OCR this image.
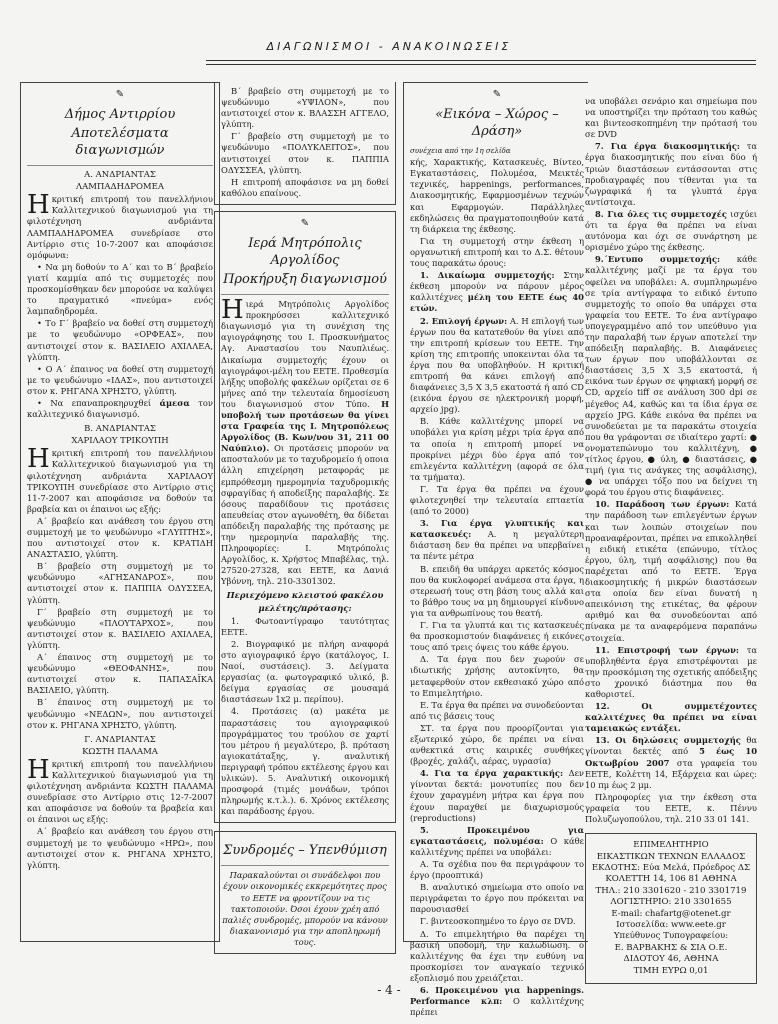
ΔΙΑΓΩΝΙΣΜΟΙ - ΑΝΑΚΟΙΝΩΣΕΙΣ
✎
Δήμος Αντιρρίου
Αποτελέσματα διαγωνισμών
Α. ΑΝΔΡΙΑΝΤΑΣ
ΛΑΜΠΑΔΗΔΡΟΜΕΑ

Ηκριτική επιτροπή του πανελλήνιου Καλλιτεχνικού διαγωνισμού για τη φιλοτέχνηση ανδριάντα ΛΑΜΠΑΔΗΔΡΟΜΕΑ συνεδρίασε στο Αντίρριο στις 10-7-2007 και αποφάσισε ομόφωνα:

• Να μη δοθούν το Α΄ και το Β΄ βραβείο γιατί καμμία από τις συμμετοχές που προσκομίσθηκαν δεν μπορούσε να καλύψει το πραγματικό «πνεύμα» ενός λαμπαδηδρομέα.

• Το Γ΄ βραβείο να δοθεί στη συμμετοχή με το ψευδώνυμο «ΟΡΦΕΑΣ», που αντιστοιχεί στον κ. ΒΑΣΙΛΕΙΟ ΑΧΙΛΛΕΑ, γλύπτη.

• Ο Α΄ έπαινος να δοθεί στη συμμετοχή με το ψευδώνυμο «ΙΔΑΣ», που αντιστοιχεί στον κ. ΡΗΓΑΝΑ ΧΡΗΣΤΟ, γλύπτη.

• Να επαναπροκηρυχθεί άμεσα τον καλλιτεχνικό διαγωνισμό.

Β. ΑΝΔΡΙΑΝΤΑΣ
ΧΑΡΙΛΑΟΥ ΤΡΙΚΟΥΠΗ

Ηκριτική επιτροπή του πανελλήνιου Καλλιτεχνικού διαγωνισμού για τη φιλοτέχνηση ανδριάντα ΧΑΡΙΛΑΟΥ ΤΡΙΚΟΥΠΗ συνεδρίασε στο Αντίρριο στις 11-7-2007 και αποφάσισε να δοθούν τα βραβεία και οι έπαινοι ως εξής:

Α΄ βραβείο και ανάθεση του έργου στη συμμετοχή με το ψευδώνυμο «ΓΛΥΠΤΗΣ», που αντιστοιχεί στον κ. ΚΡΑΤΙΔΗ ΑΝΑΣΤΑΣΙΟ, γλύπτη.

Β΄ βραβείο στη συμμετοχή με το ψευδώνυμο «ΑΓΗΣΑΝΔΡΟΣ», που αντιστοιχεί στον κ. ΠΑΠΠΙΑ ΟΔΥΣΣΕΑ, γλύπτη.

Γ΄ βραβείο στη συμμετοχή με το ψευδώνυμο «ΠΛΟΥΤΑΡΧΟΣ», που αντιστοιχεί στον κ. ΒΑΣΙΛΕΙΟ ΑΧΙΛΛΕΑ, γλύπτη.

Α΄ έπαινος στη συμμετοχή με το ψευδώνυμο «ΘΕΟΦΑΝΗΣ», που αντιστοιχεί στον κ. ΠΑΠΑΣΑΪΚΑ ΒΑΣΙΛΕΙΟ, γλύπτη.

Β΄ έπαινος στη συμμετοχή με το ψευδώνυμο «ΝΕΔΩΝ», που αντιστοιχεί στον κ. ΡΗΓΑΝΑ ΧΡΗΣΤΟ, γλύπτη.

Γ. ΑΝΔΡΙΑΝΤΑΣ
ΚΩΣΤΗ ΠΑΛΑΜΑ

Ηκριτική επιτροπή του πανελλήνιου Καλλιτεχνικού διαγωνισμού για τη φιλοτέχνηση ανδριάντα ΚΩΣΤΗ ΠΑΛΑΜΑ συνεδρίασε στο Αντίρριο στις 12-7-2007 και αποφάσισε να δοθούν τα βραβεία και οι έπαινοι ως εξής:

Α΄ βραβείο και ανάθεση του έργου στη συμμετοχή με το ψευδώνυμο «ΗΡΩ», που αντιστοιχεί στον κ. ΡΗΓΑΝΑ ΧΡΗΣΤΟ, γλύπτη.

Β΄ βραβείο στη συμμετοχή με το ψευδώνυμο «ΥΨΙΛΟΝ», που αντιστοιχεί στον κ. ΒΛΑΣΣΗ ΑΓΓΕΛΟ, γλύπτη.

Γ΄ βραβείο στη συμμετοχή με το ψευδώνυμο «ΠΟΛΥΚΛΕΙΤΟΣ», που αντιστοιχεί στον κ. ΠΑΠΠΙΑ ΟΔΥΣΣΕΑ, γλύπτη.

Η επιτροπή αποφάσισε να μη δοθεί καθόλου επαίνους.

✎
Ιερά Μητρόπολις Αργολίδος
Προκήρυξη διαγωνισμού

Ηιερά Μητρόπολις Αργολίδος προκηρύσσει καλλιτεχνικό διαγωνισμό για τη συνέχιση της αγιογράφησης του Ι. Προσκυνήματος Αγ. Αναστασίου του Ναυπλιέως. Δικαίωμα συμμετοχής έχουν οι αγιογράφοι-μέλη του ΕΕΤΕ. Προθεσμία λήξης υποβολής φακέλων ορίζεται σε 6 μήνες από την τελευταία δημοσίευση του διαγωνισμού στον Τύπο. Η υποβολή των προτάσεων θα γίνει στα Γραφεία της Ι. Μητροπόλεως Αργολίδος (Β. Κων/νου 31, 211 00 Ναύπλιο). Οι προτάσεις μπορούν να αποσταλούν με το ταχυδρομείο ή οποια άλλη επιχείρηση μεταφοράς με εμπρόθεσμη ημερομηνία ταχυδρομικής σφραγίδας ή αποδείξης παραλαβής. Σε όσους παραδίδουν τις προτάσεις απευθείας στον αγωνοθέτη, θα δίδεται απόδειξη παραλαβής της πρότασης με την ημερομηνία παραλαβής της. Πληροφορίες: Ι. Μητρόπολις Αργολίδος, κ. Χρήστος Μπαβέλας, τηλ. 27520-27328, και ΕΕΤΕ, κα Δανιά Υβόννη, τηλ. 210-3301302.

Περιεχόμενο κλειστού φακέλου
μελέτης/πρότασης:

1. Φωτοαντίγραφο ταυτότητας ΕΕΤΕ.

2. Βιογραφικό με πλήρη αναφορά στο αγιογραφικό έργο (κατάλογος, Ι. Ναοί, συστάσεις). 3. Δείγματα εργασίας (α. φωτογραφικό υλικό, β. δείγμα εργασίας σε μουσαμά διαστάσεων 1x2 μ. περίπου).

4. Προτάσεις (α) μακέτα με παραστάσεις του αγιογραφικού προγράμματος του τρούλου σε χαρτί του μέτρου ή μεγαλύτερο, β. πρόταση αγιοκατάταξης, γ. αναλυτική περιγραφή τρόπου εκτέλεσης έργου και υλικών). 5. Αναλυτική οικονομική προσφορά (τιμές μονάδων, τρόποι πληρωμής κ.τ.λ.). 6. Χρόνος εκτέλεσης και παράδοσης έργου.

Συνδρομές – Υπενθύμιση

Παρακαλούνται οι συνάδελφοι που έχουν οικονομικές εκκρεμότητες προς το ΕΕΤΕ να φροντίζουν να τις τακτοποιούν. Όσοι έχουν χρέη από παλιές συνδρομές, μπορούν να κάνουν διακανονισμό για την αποπληρωμή τους.

✎
«Εικόνα – Χώρος – Δράση»
συνέχεια από την 1η σελίδα

κής, Χαρακτικής, Κατασκευές, Βίντεο, Εγκαταστάσεις, Πολυμέσα, Μεικτές τεχνικές, happenings, performances, Διακοσμητικής, Εφαρμοσμένων τεχνών και Εφαρμογών. Παράλληλες εκδηλώσεις θα πραγματοποιηθούν κατά τη διάρκεια της έκθεσης.

Για τη συμμετοχή στην έκθεση η οργανωτική επιτροπή και το Δ.Σ. θέτουν τους παρακάτω όρους:

1. Δικαίωμα συμμετοχής: Στην έκθεση μπορούν να πάρουν μέρος καλλιτέχνες μέλη του ΕΕΤΕ έως 40 ετών.

2. Επιλογή έργων: Α. Η επιλογή των έργων που θα κατατεθούν θα γίνει από την επιτροπή κρίσεων του ΕΕΤΕ. Την κρίση της επιτροπής υποκεινται όλα τα έργα που θα υποβληθούν. Η κριτική επιτροπή θα κάνει επιλογή από διαφάνειες 3,5 Χ 3,5 εκατοστά ή από CD (εικόνα έργου σε ηλεκτρονική μορφή, αρχείο jpg).

Β. Κάθε καλλιτέχνης μπορεί να υποβάλει για κρίση μέχρι τρία έργα από τα οποία η επιτροπή μπορεί να προκρίνει μέχρι δύο έργα από τον επιλεγέντα καλλιτέχνη (αφορά σε όλα τα τμήματα).

Γ. Τα έργα θα πρέπει να έχουν φιλοτεχνηθεί την τελευταία επταετία (από το 2000)

3. Για έργα γλυπτικής και κατασκευές: Α. η μεγαλύτερη διάσταση δεν θα πρέπει να υπερβαίνει τα πέντε μέτρα

Β. επειδή θα υπάρχει αρκετός κόσμος που θα κυκλοφορεί ανάμεσα στα έργα, η στερεωσή τους στη βάση τους αλλά και το βάθρο τους να μη δημιουργεί κίνδυνο για τα ανθρωπίνους του θεατή.

Γ. Για τα γλυπτά και τις κατασκευές θα προσκομιστούν διαφάνειες ή εικόνες τους από τρεις όψεις του κάθε έργου.

Δ. Τα έργα που δεν χωρούν σε ιδιωτικής χρήσης αυτοκίνητο, θα μεταφερθούν στον εκθεσιακό χώρο από το Επιμελητήριο.

Ε. Τα έργα θα πρέπει να συνοδεύονται από τις βάσεις τους

ΣΤ. τα έργα που προορίζονται για εξωτερικό χώρο, δε πρέπει να είναι ανθεκτικά στις καιρικές συνθήκες (βροχές, χαλάζι, αέρας, υγρασία)

4. Για τα έργα χαρακτικής: Δεν γίνονται δεκτά: μονοτυπίες που δεν έχουν χαραγμένη μήτρα και έργα που έχουν παραχθεί με διαχωρισμούς (reproductions)

5. Προκειμένου για εγκαταστάσεις, πολυμέσα: Ο κάθε καλλιτέχνης πρέπει να υποβάλει:

Α. Τα σχέδια που θα περιγράφουν το έργο (προοπτικά)

Β. αναλυτικό σημείωμα στο οποίο να περιγράφεται το έργο που πρόκειται να παρουσιασθεί

Γ. βιντεοσκοπημένο το έργο σε DVD.

Δ. Το επιμελητήριο θα παρέχει τη βασική υποδομή, την καλωδίωση. ο καλλιτέχνης θα έχει την ευθύνη να προσκομίσει τον αναγκαίο τεχνικό εξοπλισμό που χρειάζεται.

6. Προκειμένου για happenings. Performance κλπ: Ο καλλιτέχνης πρέπει

να υποβάλει σενάριο και σημείωμα που να υποστηρίζει την πρόταση του καθώς και βιντεοσκοπημένη την πρότασή του σε DVD

7. Για έργα διακοσμητικής: τα έργα διακοσμητικής που είναι δύο ή τριών διαστάσεων εντάσσονται στις προδιαγραφές που τίθενται για τα ζωγραφικά ή τα γλυπτά έργα αντίστοιχα.

8. Για όλες τις συμμετοχές ισχύει ότι τα έργα θα πρέπει να είναι αυτόνομα και όχι σε συνάρτηση με ορισμένο χώρο της έκθεσης.

9.΄Εντυπο συμμετοχής: κάθε καλλιτέχνης μαζί με τα έργα του οφείλει να υποβάλει: Α. συμπληρωμένο σε τρία αντίγραφα το ειδικό έντυπο συμμετοχής το οποίο θα υπάρχει στα γραφεία του ΕΕΤΕ. Το ένα αντίγραφο υπογεγραμμένο από τον υπεύθυνο για την παραλαβή των έργων αποτελεί την απόδειξη παραλαβής. Β. Διαφάνειες των έργων που υποβάλλονται σε διαστάσεις 3,5 Χ 3,5 εκατοστά, ή εικόνα των έργων σε ψηφιακή μορφή σε CD, αρχείο tiff σε ανάλυση 300 dpi σε μέγεθος Α4, καθώς και τα ίδια έργα σε αρχείο JPG. Κάθε εικόνα θα πρέπει να συνοδεύεται με τα παρακάτω στοιχεία που θα γράφονται σε ιδιαίτερο χαρτί: ● ονοματεπώνυμο του καλλιτέχνη, ● τίτλος έργου, ● ύλη, ● διαστάσεις, ● τιμή (για τις ανάγκες της ασφάλισης), ● να υπάρχει τόξο που να δείχνει τη φορά του έργου στις διαφάνειες.

10. Παράδοση των έργων: Κατά την παράδοση των επιλεγέντων έργων και των λοιπών στοιχείων που προαναφέρονται, πρέπει να επικολληθεί η ειδική ετικέτα (επώνυμο, τίτλος έργου, ύλη, τιμή ασφάλισης) που θα παρέχεται από το ΕΕΤΕ. Έργα διακοσμητικής ή μικρών διαστάσεων στα οποία δεν είναι δυνατή η απεικόνιση της ετικέτας, θα φέρουν αριθμό και θα συνοδεύονται από πίνακα με τα αναφερόμενα παραπάνω στοιχεία.

11. Επιστροφή των έργων: τα υποβληθέντα έργα επιστρέφονται με την προσκόμιση της σχετικής απόδειξης στο χρονικό διάστημα που θα καθοριστεί.

12. Οι συμμετέχοντες καλλιτέχνες θα πρέπει να είναι ταμειακώς εντάξει.

13. Οι δηλώσεις συμμετοχής θα γίνονται δεκτές από 5 έως 10 Οκτωβρίου 2007 στα γραφεία του ΕΕΤΕ, Κολέττη 14, Εξάρχεια και ώρες: 10 πμ έως 2 μμ.

Πληροφορίες για την έκθεση στα γραφεία του ΕΕΤΕ, κ. Πέννυ Πολυζωγοπούλου, τηλ. 210 33 01 141.

ΕΠΙΜΕΛΗΤΗΡΙΟ
ΕΙΚΑΣΤΙΚΩΝ ΤΕΧΝΩΝ ΕΛΛΑΔΟΣ
ΕΚΔΟΤΗΣ: Εύα Μελά, Πρόεδρος ΔΣ
ΚΟΛΕΤΤΗ 14, 106 81 ΑΘΗΝΑ
ΤΗΛ.: 210 3301620 - 210 3301719
ΛΟΓΙΣΤΗΡΙΟ: 210 3301655
E-mail: chafartg@otenet.gr
Ιστοσελίδα: www.eete.gr
Υπεύθυνος Τυπογραφείου:
Ε. ΒΑΡΒΑΚΗΣ & ΣΙΑ Ο.Ε.
ΔΙΔΟΤΟΥ 46, ΑΘΗΝΑ
ΤΙΜΗ ΕΥΡΩ 0,01
- 4 -
